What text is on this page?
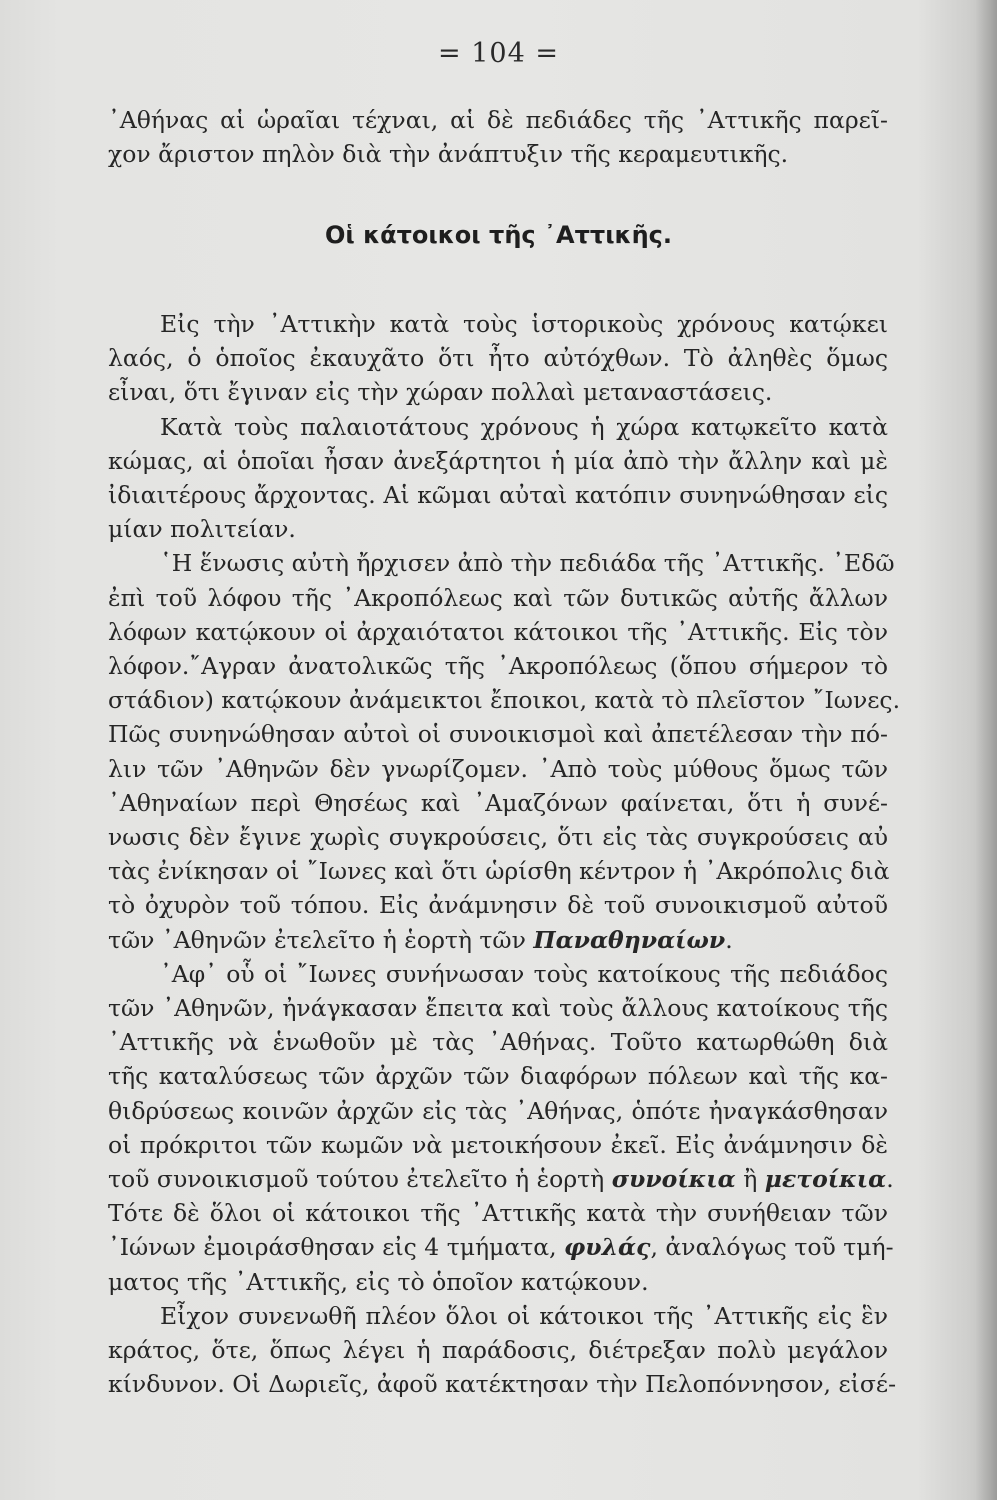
= 104 =
᾿Αθήνας αἱ ὡραῖαι τέχναι, αἱ δὲ πεδιάδες τῆς ᾿Αττικῆς παρεῖ-
χον ἄριστον πηλὸν διὰ τὴν ἀνάπτυξιν τῆς κεραμευτικῆς.
Οἱ κάτοικοι τῆς ᾿Αττικῆς.
Εἰς τὴν ᾿Αττικὴν κατὰ τοὺς ἱστορικοὺς χρόνους κατῴκει
λαός, ὁ ὁποῖος ἐκαυχᾶτο ὅτι ἦτο αὐτόχθων. Τὸ ἀληθὲς ὅμως
εἶναι, ὅτι ἔγιναν εἰς τὴν χώραν πολλαὶ μεταναστάσεις.
Κατὰ τοὺς παλαιοτάτους χρόνους ἡ χώρα κατῳκεῖτο κατὰ
κώμας, αἱ ὁποῖαι ἦσαν ἀνεξάρτητοι ἡ μία ἀπὸ τὴν ἄλλην καὶ μὲ
ἰδιαιτέρους ἄρχοντας. Αἱ κῶμαι αὐταὶ κατόπιν συνηνώθησαν εἰς
μίαν πολιτείαν.
῾Η ἕνωσις αὐτὴ ἤρχισεν ἀπὸ τὴν πεδιάδα τῆς ᾿Αττικῆς. ᾿Εδῶ
ἐπὶ τοῦ λόφου τῆς ᾿Ακροπόλεως καὶ τῶν δυτικῶς αὐτῆς ἄλλων
λόφων κατῴκουν οἱ ἀρχαιότατοι κάτοικοι τῆς ᾿Αττικῆς. Εἰς τὸν
λόφον.῎Αγραν ἀνατολικῶς τῆς ᾿Ακροπόλεως (ὅπου σήμερον τὸ
στάδιον) κατῴκουν ἀνάμεικτοι ἔποικοι, κατὰ τὸ πλεῖστον ῎Ιωνες.
Πῶς συνηνώθησαν αὐτοὶ οἱ συνοικισμοὶ καὶ ἀπετέλεσαν τὴν πό-
λιν τῶν ᾿Αθηνῶν δὲν γνωρίζομεν. ᾿Απὸ τοὺς μύθους ὅμως τῶν
᾿Αθηναίων περὶ Θησέως καὶ ᾿Αμαζόνων φαίνεται, ὅτι ἡ συνέ-
νωσις δὲν ἔγινε χωρὶς συγκρούσεις, ὅτι εἰς τὰς συγκρούσεις αὐ
τὰς ἐνίκησαν οἱ ῎Ιωνες καὶ ὅτι ὡρίσθη κέντρον ἡ ᾿Ακρόπολις διὰ
τὸ ὀχυρὸν τοῦ τόπου. Εἰς ἀνάμνησιν δὲ τοῦ συνοικισμοῦ αὐτοῦ
τῶν ᾿Αθηνῶν ἐτελεῖτο ἡ ἑορτὴ τῶν Παναθηναίων.
᾿Αφ᾿ οὗ οἱ ῎Ιωνες συνήνωσαν τοὺς κατοίκους τῆς πεδιάδος
τῶν ᾿Αθηνῶν, ἠνάγκασαν ἔπειτα καὶ τοὺς ἄλλους κατοίκους τῆς
᾿Αττικῆς νὰ ἑνωθοῦν μὲ τὰς ᾿Αθήνας. Τοῦτο κατωρθώθη διὰ
τῆς καταλύσεως τῶν ἀρχῶν τῶν διαφόρων πόλεων καὶ τῆς κα-
θιδρύσεως κοινῶν ἀρχῶν εἰς τὰς ᾿Αθήνας, ὁπότε ἠναγκάσθησαν
οἱ πρόκριτοι τῶν κωμῶν νὰ μετοικήσουν ἐκεῖ. Εἰς ἀνάμνησιν δὲ
τοῦ συνοικισμοῦ τούτου ἐτελεῖτο ἡ ἑορτὴ συνοίκια ἢ μετοίκια.
Τότε δὲ ὅλοι οἱ κάτοικοι τῆς ᾿Αττικῆς κατὰ τὴν συνήθειαν τῶν
᾿Ιώνων ἐμοιράσθησαν εἰς 4 τμήματα, φυλάς, ἀναλόγως τοῦ τμή-
ματος τῆς ᾿Αττικῆς, εἰς τὸ ὁποῖον κατῴκουν.
Εἶχον συνενωθῆ πλέον ὅλοι οἱ κάτοικοι τῆς ᾿Αττικῆς εἰς ἓν
κράτος, ὅτε, ὅπως λέγει ἡ παράδοσις, διέτρεξαν πολὺ μεγάλον
κίνδυνον. Οἱ Δωριεῖς, ἀφοῦ κατέκτησαν τὴν Πελοπόννησον, εἰσέ-
